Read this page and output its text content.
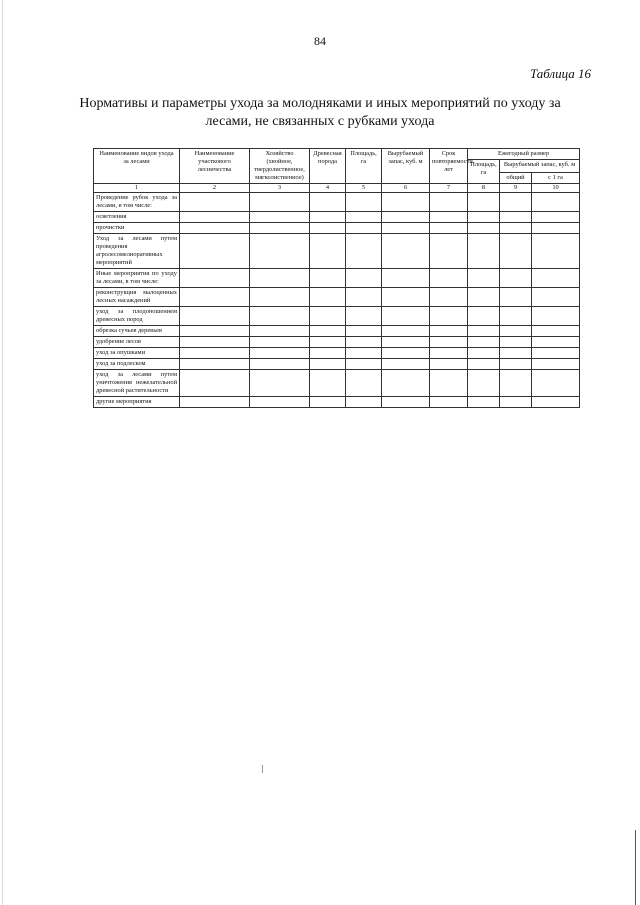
84
Таблица 16
Нормативы и параметры ухода за молодняками и иных мероприятий по уходу за лесами, не связанных с рубками ухода
Наименование видов ухода за лесами	Наименование участкового лесничества	Хозяйство (хвойное, твердолиственное, мягколиственное)	Древесная порода	Площадь, га	Вырубаемый запас, куб. м	Срок повторяемости, лет	Ежегодный размер		
							Площадь, га	Вырубаемый запас, куб. м	
								общий	с 1 га
1	2	3	4	5	6	7	8	9	10
Проведение рубок ухода за лесами, в том числе:									
осветления									
прочистки									
Уход за лесами путем проведения агролесомелиоративных мероприятий									
Иные мероприятия по уходу за лесами, в том числе:									
реконструкция малоценных лесных насаждений									
уход за плодоношением древесных пород									
обрезка сучьев деревьев									
удобрение лесов									
уход за опушками									
уход за подлеском									
уход за лесами путем уничтожения нежелательной древесной растительности									
другие мероприятия									
